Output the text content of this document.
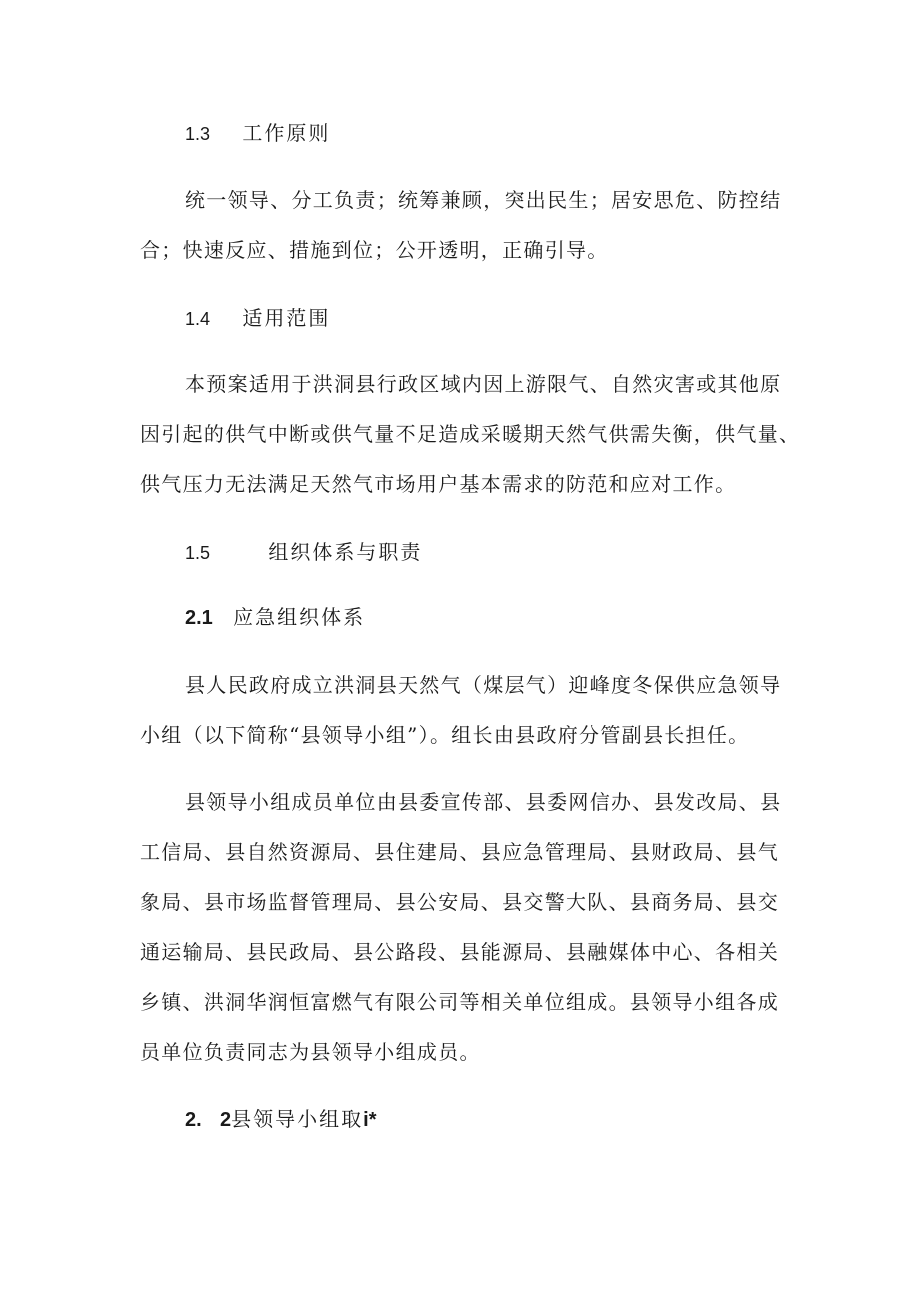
1.3 工作原则
统一领导、分工负责；统筹兼顾，突出民生；居安思危、防控结
合；快速反应、措施到位；公开透明，正确引导。
1.4 适用范围
本预案适用于洪洞县行政区域内因上游限气、自然灾害或其他原
因引起的供气中断或供气量不足造成采暖期天然气供需失衡，供气量、
供气压力无法满足天然气市场用户基本需求的防范和应对工作。
1.5	组织体系与职责
2.1 应急组织体系
县人民政府成立洪洞县天然气（煤层气）迎峰度冬保供应急领导
小组（以下简称“县领导小组”）。组长由县政府分管副县长担任。
县领导小组成员单位由县委宣传部、县委网信办、县发改局、县
工信局、县自然资源局、县住建局、县应急管理局、县财政局、县气
象局、县市场监督管理局、县公安局、县交警大队、县商务局、县交
通运输局、县民政局、县公路段、县能源局、县融媒体中心、各相关
乡镇、洪洞华润恒富燃气有限公司等相关单位组成。县领导小组各成
员单位负责同志为县领导小组成员。
2. 2县领导小组取i*
